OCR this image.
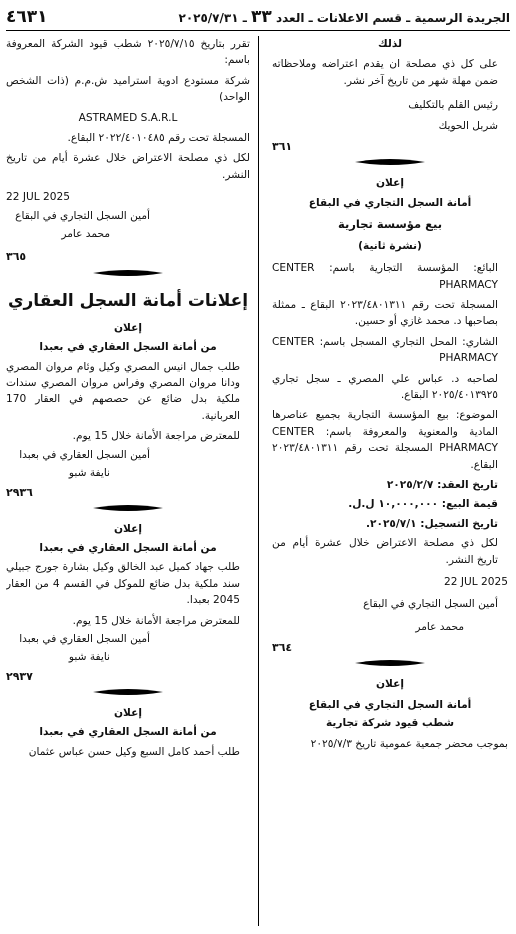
الجريدة الرسمية ـ قسم الاعلانات ـ العدد ٣٣ ـ ٢٠٢٥/٧/٣١
٤٦٣١

لذلك

على كل ذي مصلحة ان يقدم اعتراضه وملاحظاته ضمن مهلة شهر من تاريخ آخر نشر.

رئيس القلم بالتكليف

شربل الحويك

٣٦١

إعلان

أمانة السجل التجاري في البقاع

بيع مؤسسة تجارية

(نشرة ثانية)

البائع: المؤسسة التجارية باسم: CENTER PHARMACY

المسجلة تحت رقم ٢٠٢٣/٤٨٠١٣١١ البقاع ـ ممثلة بصاحبها د. محمد غازي أو حسين.

الشاري: المحل التجاري المسجل باسم: CENTER PHARMACY

لصاحبه د. عباس علي المصري ـ سجل تجاري ٢٠٢٥/٤٠١٣٩٢٥ البقاع.

الموضوع: بيع المؤسسة التجارية بجميع عناصرها المادية والمعنوية والمعروفة باسم: CENTER PHARMACY المسجلة تحت رقم ٢٠٢٣/٤٨٠١٣١١ البقاع.

تاريخ العقد: ٢٠٢٥/٢/٧

قيمة البيع: ١٠,٠٠٠,٠٠٠ ل.ل.

تاريخ التسجيل: ٢٠٢٥/٧/١.

لكل ذي مصلحة الاعتراض خلال عشرة أيام من تاريخ النشر.

22 JUL 2025

أمين السجل التجاري في البقاع

محمد عامر

٣٦٤

إعلان

أمانة السجل التجاري في البقاع

شطب قيود شركة تجارية

بموجب محضر جمعية عمومية تاريخ ٢٠٢٥/٧/٣

تقرر بتاريخ ٢٠٢٥/٧/١٥ شطب قيود الشركة المعروفة باسم:

شركة مستودع ادوية استراميد ش.م.م (ذات الشخص الواحد)

ASTRAMED S.A.R.L

المسجلة تحت رقم ٢٠٢٢/٤٠١٠٤٨٥ البقاع.

لكل ذي مصلحة الاعتراض خلال عشرة أيام من تاريخ النشر.

22 JUL 2025

أمين السجل التجاري في البقاع

محمد عامر

٣٦٥

إعلانات أمانة السجل العقاري

إعلان

من أمانة السجل العقاري في بعبدا

طلب جمال انيس المصري وكيل وئام مروان المصري ودانا مروان المصري وفراس مروان المصري سندات ملكية بدل ضائع عن حصصهم في العقار 170 العربانية.

للمعترض مراجعة الأمانة خلال 15 يوم.

أمين السجل العقاري في بعبدا

نايفة شبو

٢٩٣٦

إعلان

من أمانة السجل العقاري في بعبدا

طلب جهاد كميل عبد الخالق وكيل بشارة جورج جبيلي سند ملكية بدل ضائع للموكل في القسم 4 من العقار 2045 بعبدا.

للمعترض مراجعة الأمانة خلال 15 يوم.

أمين السجل العقاري في بعبدا

نايفة شبو

٢٩٣٧

إعلان

من أمانة السجل العقاري في بعبدا

طلب أحمد كامل السبع وكيل حسن عباس عثمان
